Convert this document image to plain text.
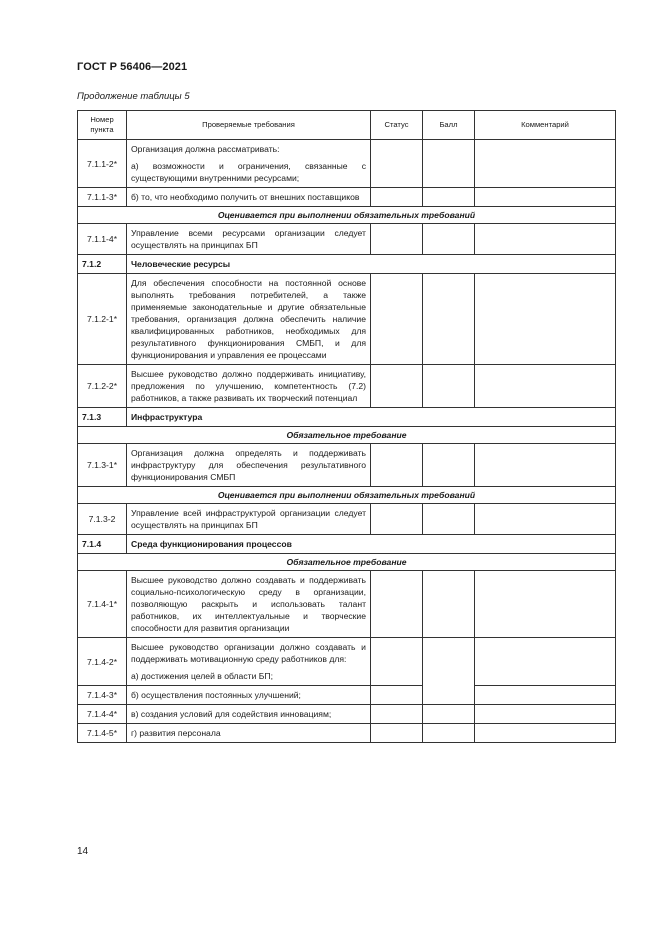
ГОСТ Р 56406—2021
Продолжение таблицы 5
Номер пункта	Проверяемые требования	Статус	Балл	Комментарий
7.1.1-2*	Организация должна рассматривать:
а) возможности и ограничения, связанные с существующими внутренними ресурсами;			

7.1.1-3*	б) то, что необходимо получить от внешних поставщиков			
Оценивается при выполнении обязательных требований				
7.1.1-4*	Управление всеми ресурсами организации следует осуществлять на принципах БП			
7.1.2	Человеческие ресурсы			
7.1.2-1*	Для обеспечения способности на постоянной основе выполнять требования потребителей, а также применяемые законодательные и другие обязательные требования, организация должна обеспечить наличие квалифицированных работников, необходимых для результативного функционирования СМБП, и для функционирования и управления ее процессами			
7.1.2-2*	Высшее руководство должно поддерживать инициативу, предложения по улучшению, компетентность (7.2) работников, а также развивать их творческий потенциал			
7.1.3	Инфраструктура			
Обязательное требование				
7.1.3-1*	Организация должна определять и поддерживать инфраструктуру для обеспечения результативного функционирования СМБП			
Оценивается при выполнении обязательных требований				
7.1.3-2	Управление всей инфраструктурой организации следует осуществлять на принципах БП			
7.1.4	Среда функционирования процессов			
Обязательное требование				
7.1.4-1*	Высшее руководство должно создавать и поддерживать социально-психологическую среду в организации, позволяющую раскрыть и использовать талант работников, их интеллектуальные и творческие способности для развития организации			
7.1.4-2*	Высшее руководство организации должно создавать и поддерживать мотивационную среду работников для:
а) достижения целей в области БП;			

7.1.4-3*	б) осуществления постоянных улучшений;			
7.1.4-4*	в) создания условий для содействия инновациям;			
7.1.4-5*	г) развития персонала			
14
